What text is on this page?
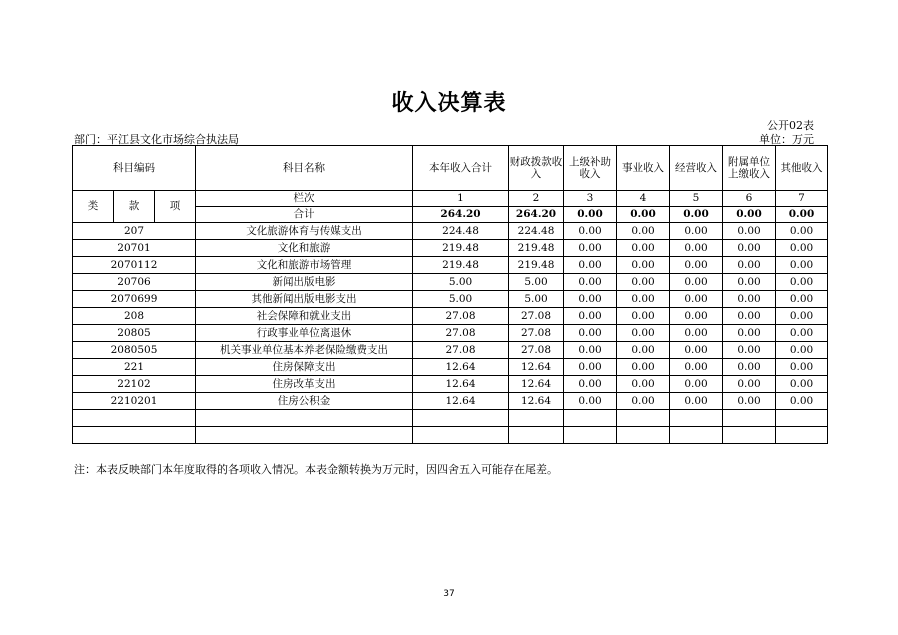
收入决算表
公开02表
部门：平江县文化市场综合执法局	单位：万元
科目编码			科目名称	本年收入合计	财政拨款收入	上级补助收入	事业收入	经营收入	附属单位上缴收入	其他收入
类	款	项	栏次	1	2	3	4	5	6	7
			合计	264.20	264.20	0.00	0.00	0.00	0.00	0.00
207			文化旅游体育与传媒支出	224.48	224.48	0.00	0.00	0.00	0.00	0.00
20701			文化和旅游	219.48	219.48	0.00	0.00	0.00	0.00	0.00
2070112			文化和旅游市场管理	219.48	219.48	0.00	0.00	0.00	0.00	0.00
20706			新闻出版电影	5.00	5.00	0.00	0.00	0.00	0.00	0.00
2070699			其他新闻出版电影支出	5.00	5.00	0.00	0.00	0.00	0.00	0.00
208			社会保障和就业支出	27.08	27.08	0.00	0.00	0.00	0.00	0.00
20805			行政事业单位离退休	27.08	27.08	0.00	0.00	0.00	0.00	0.00
2080505			机关事业单位基本养老保险缴费支出	27.08	27.08	0.00	0.00	0.00	0.00	0.00
221			住房保障支出	12.64	12.64	0.00	0.00	0.00	0.00	0.00
22102			住房改革支出	12.64	12.64	0.00	0.00	0.00	0.00	0.00
2210201			住房公积金	12.64	12.64	0.00	0.00	0.00	0.00	0.00

注：本表反映部门本年度取得的各项收入情况。本表金额转换为万元时，因四舍五入可能存在尾差。
37
